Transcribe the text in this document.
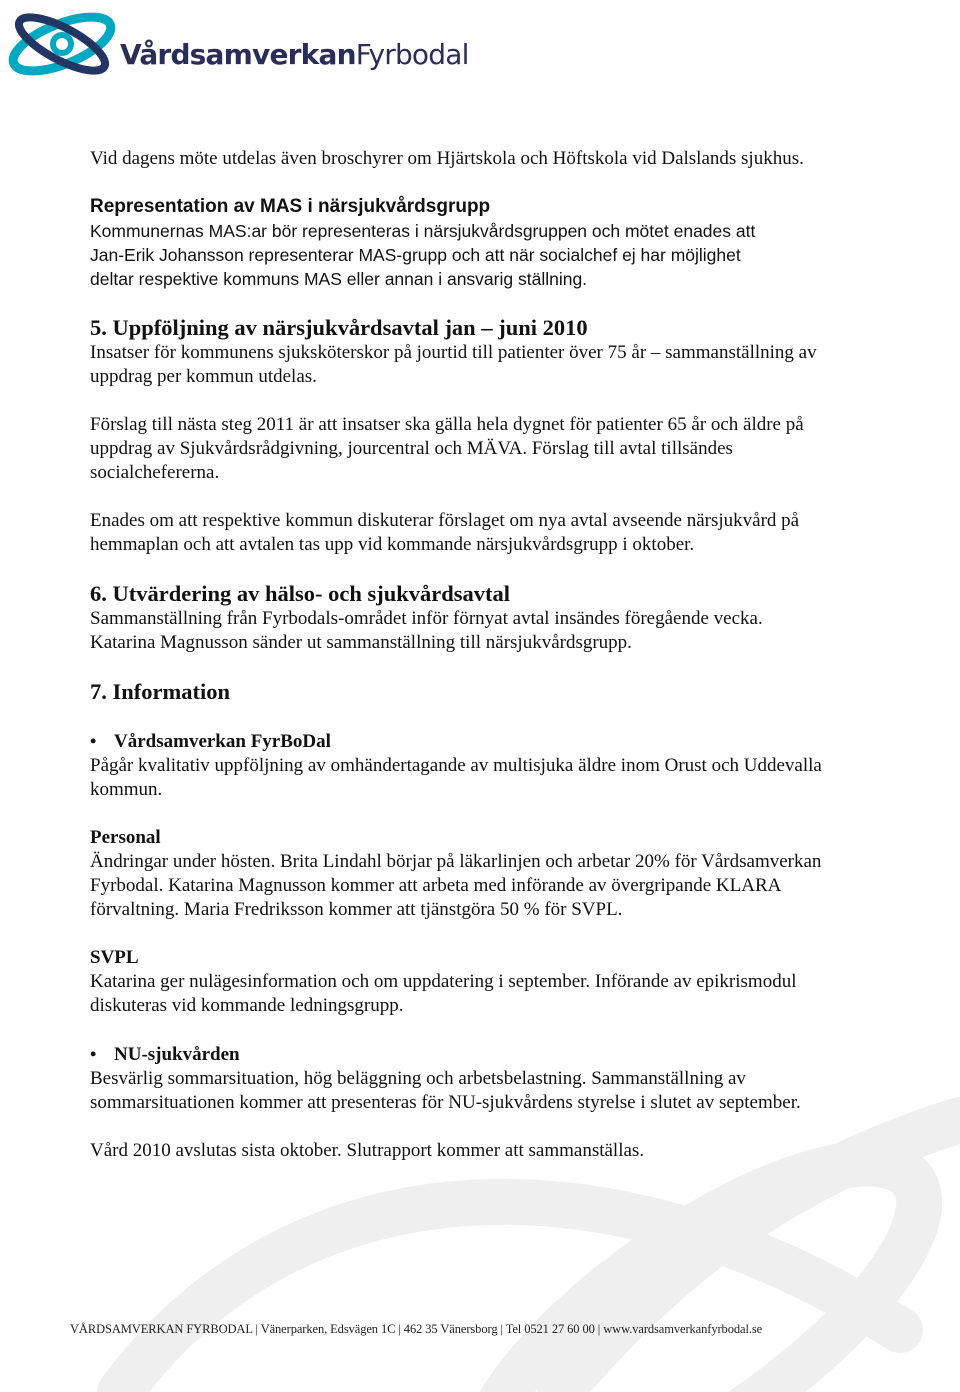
VårdsamverkanFyrbodal

Vid dagens möte utdelas även broschyrer om Hjärtskola och Höftskola vid Dalslands sjukhus.

Representation av MAS i närsjukvårdsgrupp
Kommunernas MAS:ar bör representeras i närsjukvårdsgruppen och mötet enades att
Jan-Erik Johansson representerar MAS-grupp och att när socialchef ej har möjlighet
deltar respektive kommuns MAS eller annan i ansvarig ställning.
5. Uppföljning av närsjukvårdsavtal jan – juni 2010

Insatser för kommunens sjuksköterskor på jourtid till patienter över 75 år – sammanställning av uppdrag per kommun utdelas.

Förslag till nästa steg 2011 är att insatser ska gälla hela dygnet för patienter 65 år och äldre på uppdrag av Sjukvårdsrådgivning, jourcentral och MÄVA. Förslag till avtal tillsändes socialchefererna.

Enades om att respektive kommun diskuterar förslaget om nya avtal avseende närsjukvård på hemmaplan och att avtalen tas upp vid kommande närsjukvårdsgrupp i oktober.

6. Utvärdering av hälso- och sjukvårdsavtal

Sammanställning från Fyrbodals-området inför förnyat avtal insändes föregående vecka. Katarina Magnusson sänder ut sammanställning till närsjukvårdsgrupp.

7. Information
• Vårdsamverkan FyrBoDal

Pågår kvalitativ uppföljning av omhändertagande av multisjuka äldre inom Orust och Uddevalla kommun.

Personal

Ändringar under hösten. Brita Lindahl börjar på läkarlinjen och arbetar 20% för Vårdsamverkan Fyrbodal. Katarina Magnusson kommer att arbeta med införande av övergripande KLARA förvaltning. Maria Fredriksson kommer att tjänstgöra 50 % för SVPL.

SVPL

Katarina ger nulägesinformation och om uppdatering i september. Införande av epikrismodul diskuteras vid kommande ledningsgrupp.

• NU-sjukvården

Besvärlig sommarsituation, hög beläggning och arbetsbelastning. Sammanställning av sommarsituationen kommer att presenteras för NU-sjukvårdens styrelse i slutet av september.

Vård 2010 avslutas sista oktober. Slutrapport kommer att sammanställas.

VÅRDSAMVERKAN FYRBODAL | Vänerparken, Edsvägen 1C | 462 35 Vänersborg | Tel 0521 27 60 00 | www.vardsamverkanfyrbodal.se
